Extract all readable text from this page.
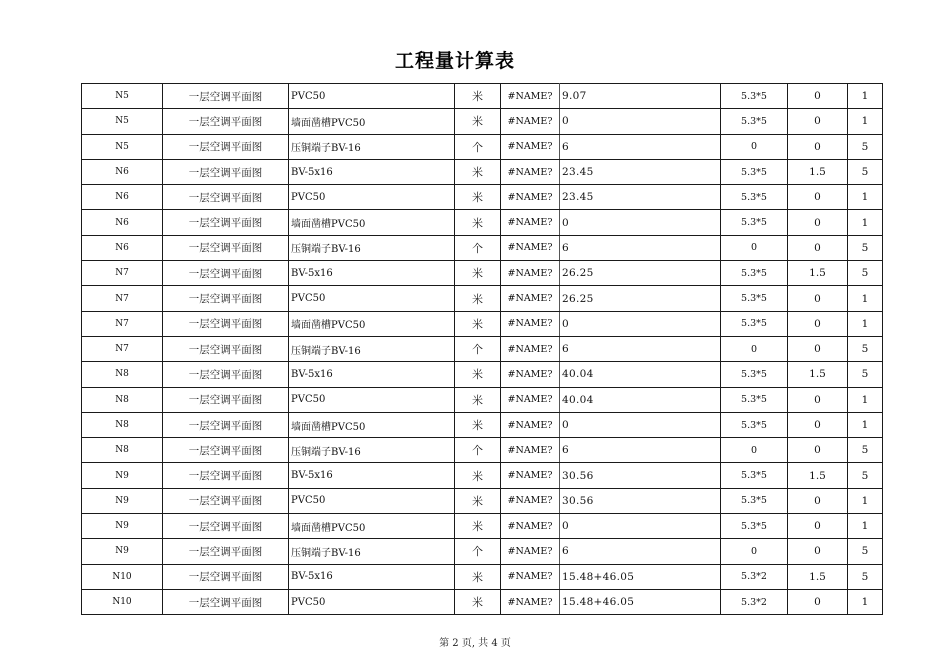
工程量计算表
N5	一层空调平面图	PVC50	米	#NAME?	9.07	5.3*5	0	1
N5	一层空调平面图	墙面凿槽PVC50	米	#NAME?	0	5.3*5	0	1
N5	一层空调平面图	压铜端子BV-16	个	#NAME?	6	0	0	5
N6	一层空调平面图	BV-5x16	米	#NAME?	23.45	5.3*5	1.5	5
N6	一层空调平面图	PVC50	米	#NAME?	23.45	5.3*5	0	1
N6	一层空调平面图	墙面凿槽PVC50	米	#NAME?	0	5.3*5	0	1
N6	一层空调平面图	压铜端子BV-16	个	#NAME?	6	0	0	5
N7	一层空调平面图	BV-5x16	米	#NAME?	26.25	5.3*5	1.5	5
N7	一层空调平面图	PVC50	米	#NAME?	26.25	5.3*5	0	1
N7	一层空调平面图	墙面凿槽PVC50	米	#NAME?	0	5.3*5	0	1
N7	一层空调平面图	压铜端子BV-16	个	#NAME?	6	0	0	5
N8	一层空调平面图	BV-5x16	米	#NAME?	40.04	5.3*5	1.5	5
N8	一层空调平面图	PVC50	米	#NAME?	40.04	5.3*5	0	1
N8	一层空调平面图	墙面凿槽PVC50	米	#NAME?	0	5.3*5	0	1
N8	一层空调平面图	压铜端子BV-16	个	#NAME?	6	0	0	5
N9	一层空调平面图	BV-5x16	米	#NAME?	30.56	5.3*5	1.5	5
N9	一层空调平面图	PVC50	米	#NAME?	30.56	5.3*5	0	1
N9	一层空调平面图	墙面凿槽PVC50	米	#NAME?	0	5.3*5	0	1
N9	一层空调平面图	压铜端子BV-16	个	#NAME?	6	0	0	5
N10	一层空调平面图	BV-5x16	米	#NAME?	15.48+46.05	5.3*2	1.5	5
N10	一层空调平面图	PVC50	米	#NAME?	15.48+46.05	5.3*2	0	1
第 2 页, 共 4 页
